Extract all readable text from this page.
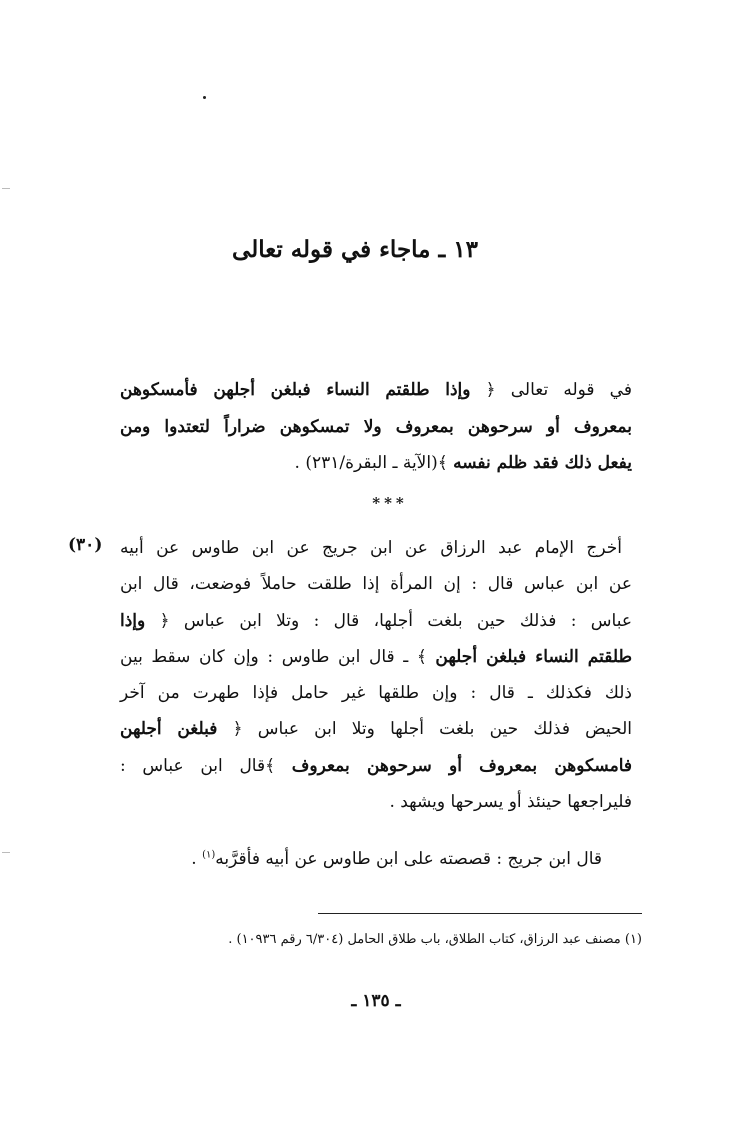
١٣ ـ ماجاء في قوله تعالى
في قوله تعالى ﴿ وإذا طلقتم النساء فبلغن أجلهن فأمسكوهن
بمعروف أو سرحوهن بمعروف ولا تمسكوهن ضراراً لتعتدوا ومن
يفعل ذلك فقد ظلم نفسه ﴾(الآية ـ البقرة/٢٣١) .
***
(٣٠)	أخرج الإمام عبد الرزاق عن ابن جريج عن ابن طاوس عن أبيه
عن ابن عباس قال : إن المرأة إذا طلقت حاملاً فوضعت، قال ابن
عباس : فذلك حين بلغت أجلها، قال : وتلا ابن عباس ﴿ وإذا
طلقتم النساء فبلغن أجلهن ﴾ ـ قال ابن طاوس : وإن كان سقط بين
ذلك فكذلك ـ قال : وإن طلقها غير حامل فإذا طهرت من آخر
الحيض فذلك حين بلغت أجلها وتلا ابن عباس ﴿ فبلغن أجلهن
فامسكوهن بمعروف أو سرحوهن بمعروف ﴾قال ابن عباس :
فليراجعها حينئذ أو يسرحها ويشهد .
قال ابن جريج : قصصته على ابن طاوس عن أبيه فأقرَّبه$^{(١)}$ .
(١) مصنف عبد الرزاق، كتاب الطلاق، باب طلاق الحامل (٦/٣٠٤ رقم ١٠٩٣٦) .
ـ ١٣٥ ـ
